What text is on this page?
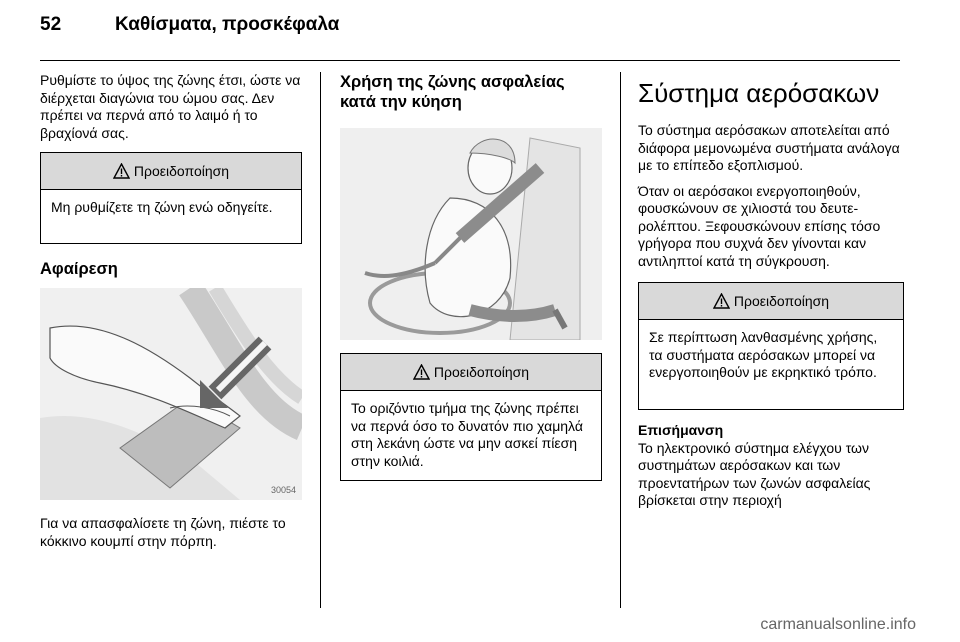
52	Καθίσματα, προσκέφαλα

Ρυθμίστε το ύψος της ζώνης έτσι, ώστε να διέρχεται διαγώνια του ώμου σας. Δεν πρέπει να περνά από το λαιμό ή το βραχίονά σας.

Προειδοποίηση
Μη ρυθμίζετε τη ζώνη ενώ οδηγείτε.
Αφαίρεση
30054

Για να απασφαλίσετε τη ζώνη, πιέστε το κόκκινο κουμπί στην πόρπη.

Χρήση της ζώνης ασφαλείας κατά την κύηση
Προειδοποίηση
Το οριζόντιο τμήμα της ζώνης πρέπει να περνά όσο το δυνατόν πιο χαμηλά στη λεκάνη ώστε να μην ασκεί πίεση στην κοιλιά.
Σύστημα αερόσακων

Το σύστημα αερόσακων αποτελείται από διάφορα μεμονωμένα συστήματα ανάλογα με το επίπεδο εξοπλισμού.

Όταν οι αερόσακοι ενεργοποιηθούν, φουσκώνουν σε χιλιοστά του δευτερολέπτου. Ξεφουσκώνουν επίσης τόσο γρήγορα που συχνά δεν γίνονται καν αντιληπτοί κατά τη σύγκρουση.

Προειδοποίηση
Σε περίπτωση λανθασμένης χρήσης, τα συστήματα αερόσακων μπορεί να ενεργοποιηθούν με εκρηκτικό τρόπο.

Επισήμανση

Το ηλεκτρονικό σύστημα ελέγχου των συστημάτων αερόσακων και των προεντατήρων των ζωνών ασφαλείας βρίσκεται στην περιοχή

carmanualsonline.info
